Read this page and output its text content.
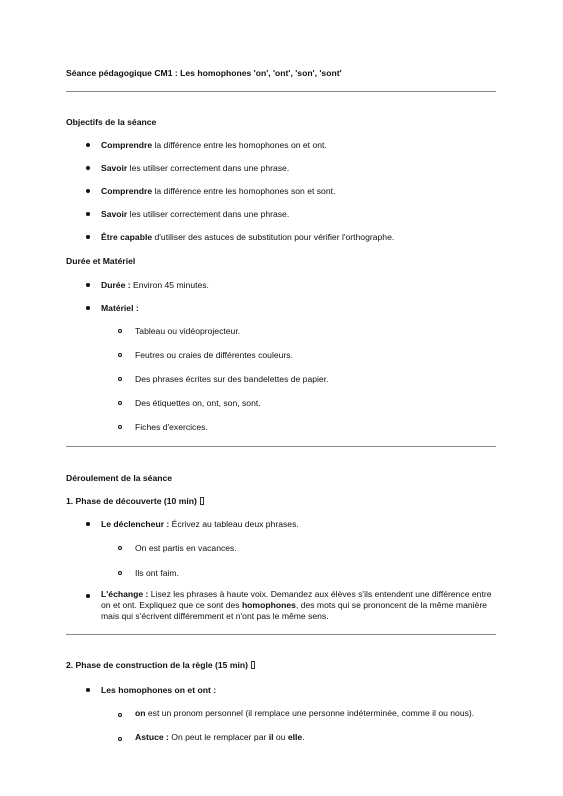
Séance pédagogique CM1 : Les homophones 'on', 'ont', 'son', 'sont'
Objectifs de la séance
Comprendre la différence entre les homophones on et ont.
Savoir les utiliser correctement dans une phrase.
Comprendre la différence entre les homophones son et sont.
Savoir les utiliser correctement dans une phrase.
Être capable d'utiliser des astuces de substitution pour vérifier l'orthographe.
Durée et Matériel
Durée : Environ 45 minutes.
Matériel :
Tableau ou vidéoprojecteur.
Feutres ou craies de différentes couleurs.
Des phrases écrites sur des bandelettes de papier.
Des étiquettes on, ont, son, sont.
Fiches d'exercices.
Déroulement de la séance
1. Phase de découverte (10 min)
Le déclencheur : Écrivez au tableau deux phrases.
On est partis en vacances.
Ils ont faim.
L'échange : Lisez les phrases à haute voix. Demandez aux élèves s'ils entendent une différence entre on et ont. Expliquez que ce sont des homophones, des mots qui se prononcent de la même manière mais qui s'écrivent différemment et n'ont pas le même sens.
2. Phase de construction de la règle (15 min)
Les homophones on et ont :
on est un pronom personnel (il remplace une personne indéterminée, comme il ou nous).
Astuce : On peut le remplacer par il ou elle.
